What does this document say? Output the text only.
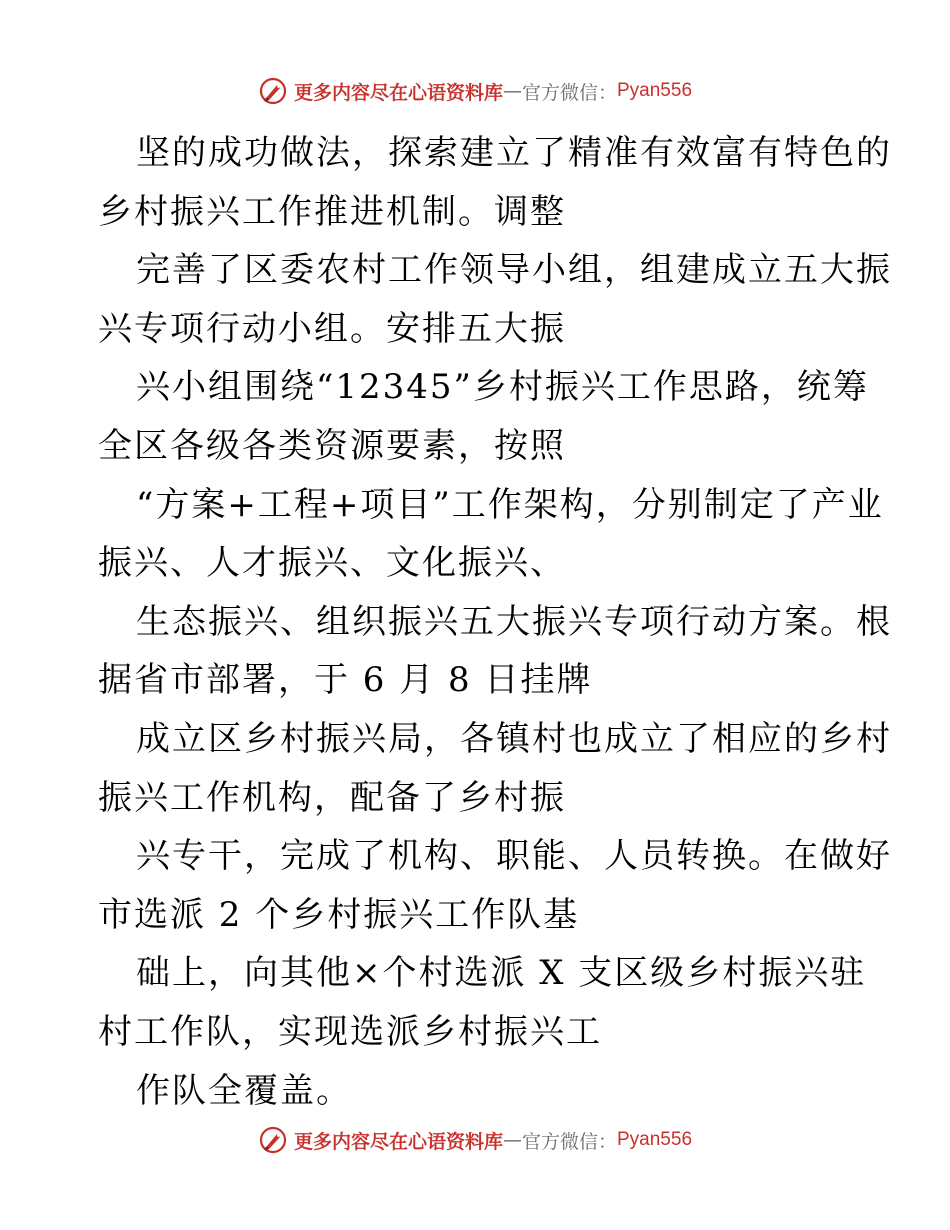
更多内容尽在心语资料库 — 官方微信： Pyan556
坚的成功做法，探索建立了精准有效富有特色的
乡村振兴工作推进机制。调整
完善了区委农村工作领导小组，组建成立五大振
兴专项行动小组。安排五大振
兴小组围绕“12345”乡村振兴工作思路，统筹
全区各级各类资源要素，按照
“方案+工程+项目”工作架构，分别制定了产业
振兴、人才振兴、文化振兴、
生态振兴、组织振兴五大振兴专项行动方案。根
据省市部署，于 6 月 8 日挂牌
成立区乡村振兴局，各镇村也成立了相应的乡村
振兴工作机构，配备了乡村振
兴专干，完成了机构、职能、人员转换。在做好
市选派 2 个乡村振兴工作队基
础上，向其他×个村选派 X 支区级乡村振兴驻
村工作队，实现选派乡村振兴工
作队全覆盖。
更多内容尽在心语资料库 — 官方微信： Pyan556
